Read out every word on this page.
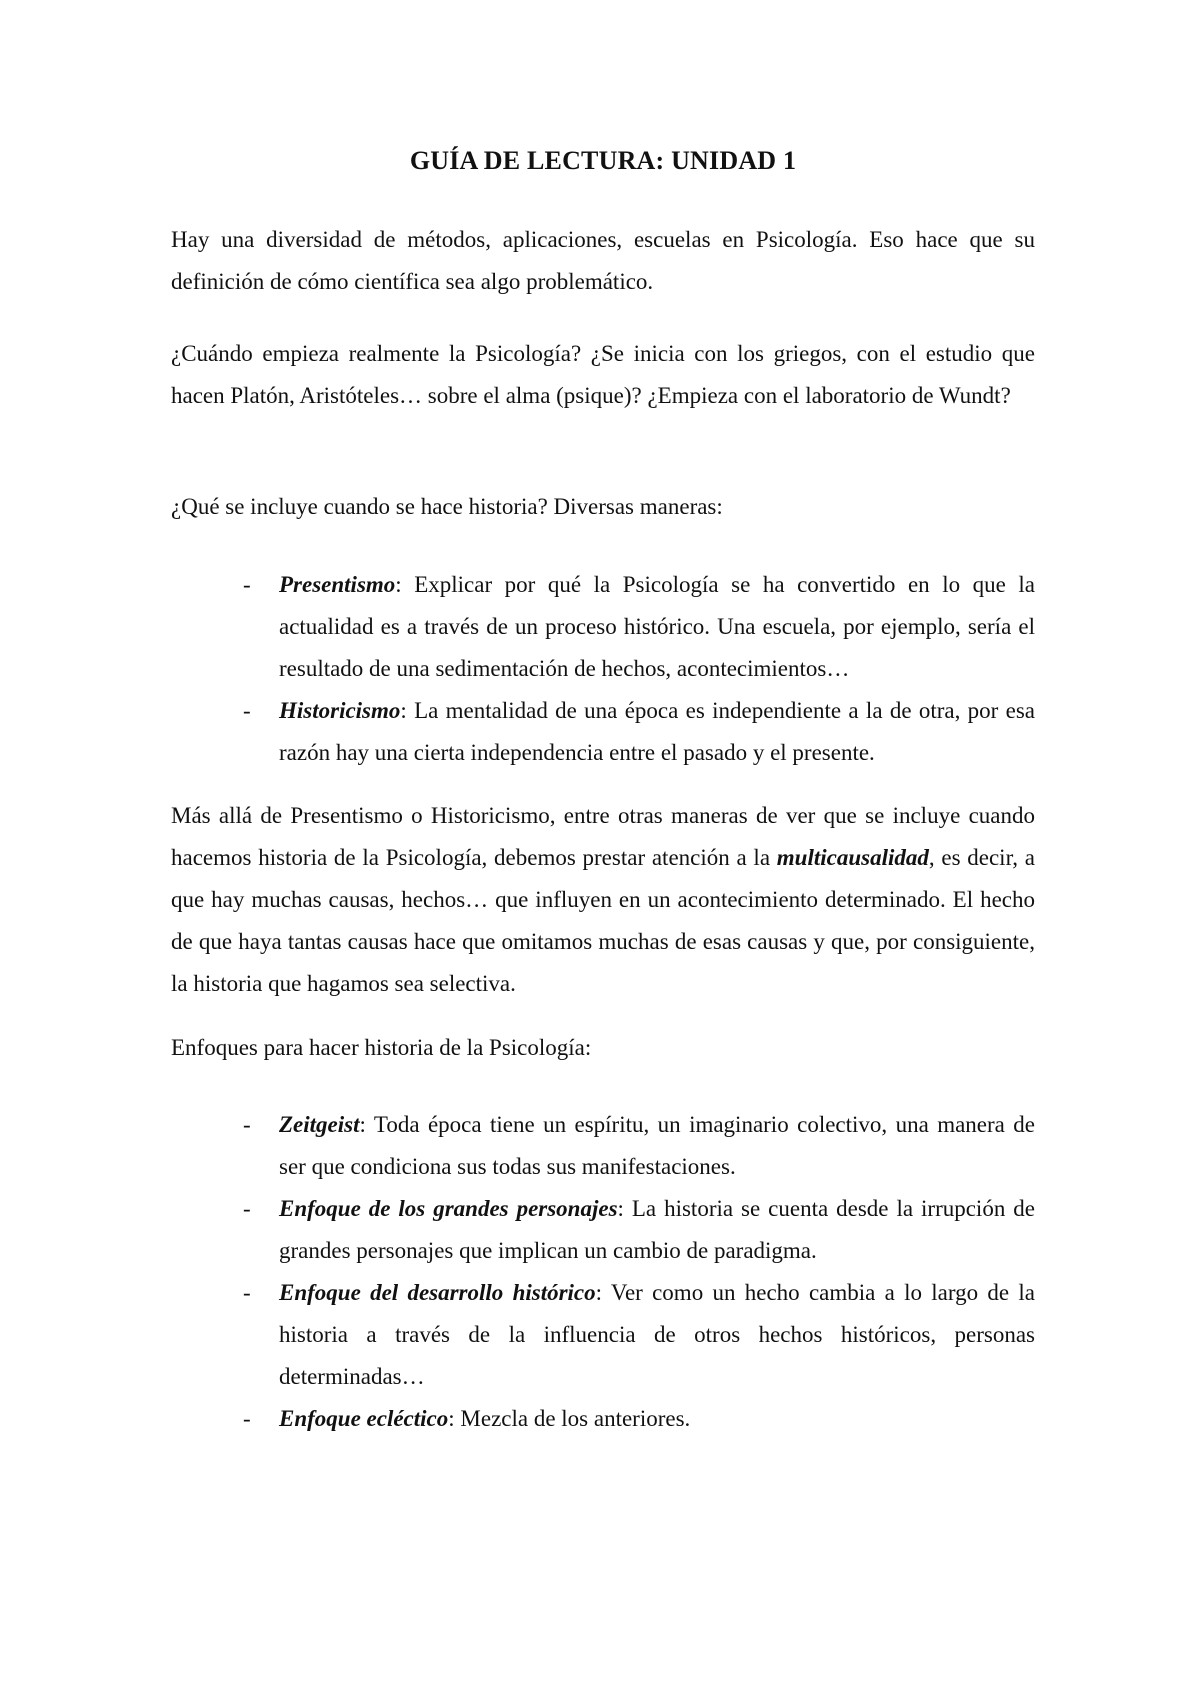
GUÍA DE LECTURA: UNIDAD 1

Hay una diversidad de métodos, aplicaciones, escuelas en Psicología. Eso hace que su definición de cómo científica sea algo problemático.

¿Cuándo empieza realmente la Psicología? ¿Se inicia con los griegos, con el estudio que hacen Platón, Aristóteles… sobre el alma (psique)? ¿Empieza con el laboratorio de Wundt?

¿Qué se incluye cuando se hace historia? Diversas maneras:

- Presentismo: Explicar por qué la Psicología se ha convertido en lo que la actualidad es a través de un proceso histórico. Una escuela, por ejemplo, sería el resultado de una sedimentación de hechos, acontecimientos…
- Historicismo: La mentalidad de una época es independiente a la de otra, por esa razón hay una cierta independencia entre el pasado y el presente.

Más allá de Presentismo o Historicismo, entre otras maneras de ver que se incluye cuando hacemos historia de la Psicología, debemos prestar atención a la multicausalidad, es decir, a que hay muchas causas, hechos… que influyen en un acontecimiento determinado. El hecho de que haya tantas causas hace que omitamos muchas de esas causas y que, por consiguiente, la historia que hagamos sea selectiva.

Enfoques para hacer historia de la Psicología:

- Zeitgeist: Toda época tiene un espíritu, un imaginario colectivo, una manera de ser que condiciona sus todas sus manifestaciones.
- Enfoque de los grandes personajes: La historia se cuenta desde la irrupción de grandes personajes que implican un cambio de paradigma.
- Enfoque del desarrollo histórico: Ver como un hecho cambia a lo largo de la historia a través de la influencia de otros hechos históricos, personas determinadas…
- Enfoque ecléctico: Mezcla de los anteriores.
